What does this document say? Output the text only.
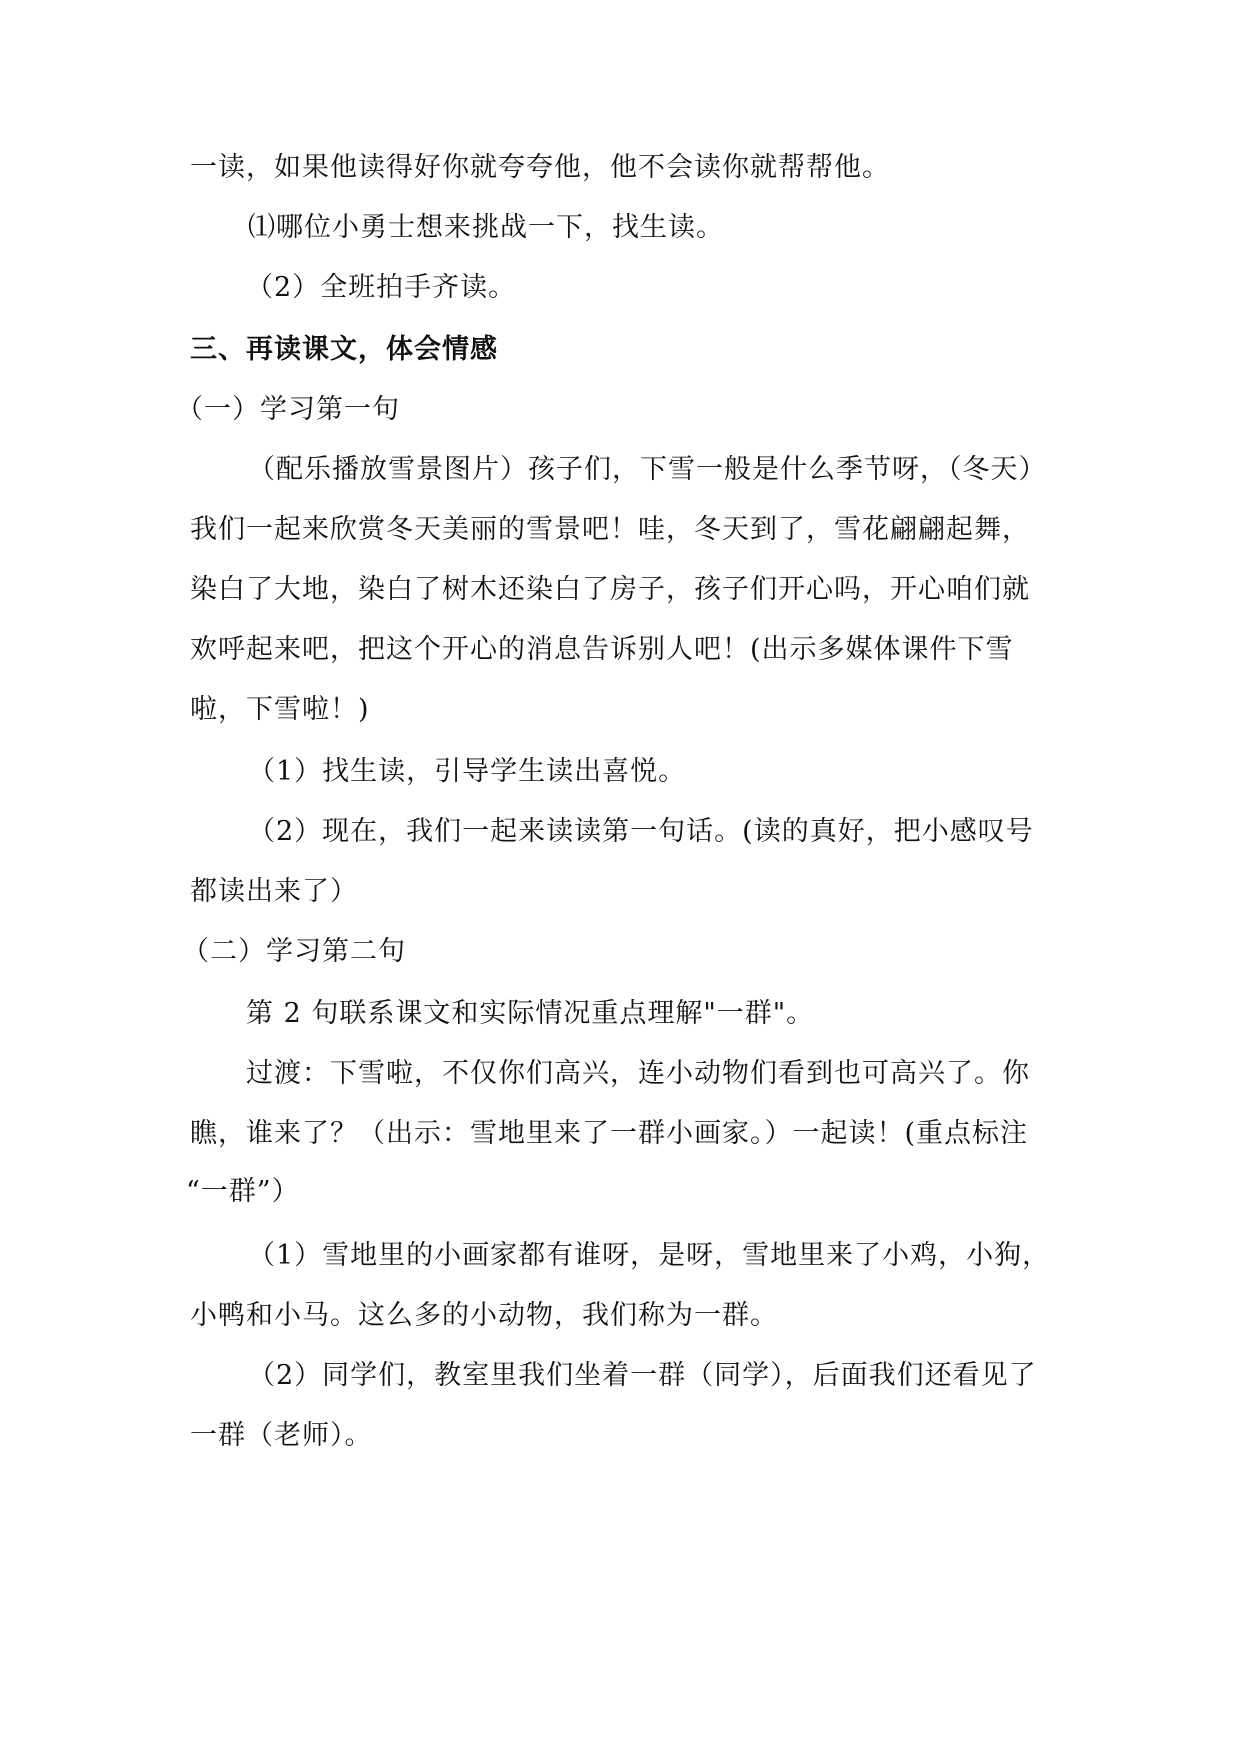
一读，如果他读得好你就夸夸他，他不会读你就帮帮他。
⑴哪位小勇士想来挑战一下，找生读。
（2）全班拍手齐读。
三、再读课文，体会情感
（一）学习第一句
（配乐播放雪景图片）孩子们，下雪一般是什么季节呀，（冬天）
我们一起来欣赏冬天美丽的雪景吧！哇，冬天到了，雪花翩翩起舞，
染白了大地，染白了树木还染白了房子，孩子们开心吗，开心咱们就
欢呼起来吧，把这个开心的消息告诉别人吧！(出示多媒体课件下雪
啦，下雪啦！)
（1）找生读，引导学生读出喜悦。
（2）现在，我们一起来读读第一句话。(读的真好，把小感叹号
都读出来了）
（二）学习第二句
第 2 句联系课文和实际情况重点理解"一群"。
过渡：下雪啦，不仅你们高兴，连小动物们看到也可高兴了。你
瞧，谁来了？（出示：雪地里来了一群小画家。）一起读！(重点标注
“一群”）
（1）雪地里的小画家都有谁呀，是呀，雪地里来了小鸡，小狗，
小鸭和小马。这么多的小动物，我们称为一群。
（2）同学们，教室里我们坐着一群（同学），后面我们还看见了
一群（老师）。
